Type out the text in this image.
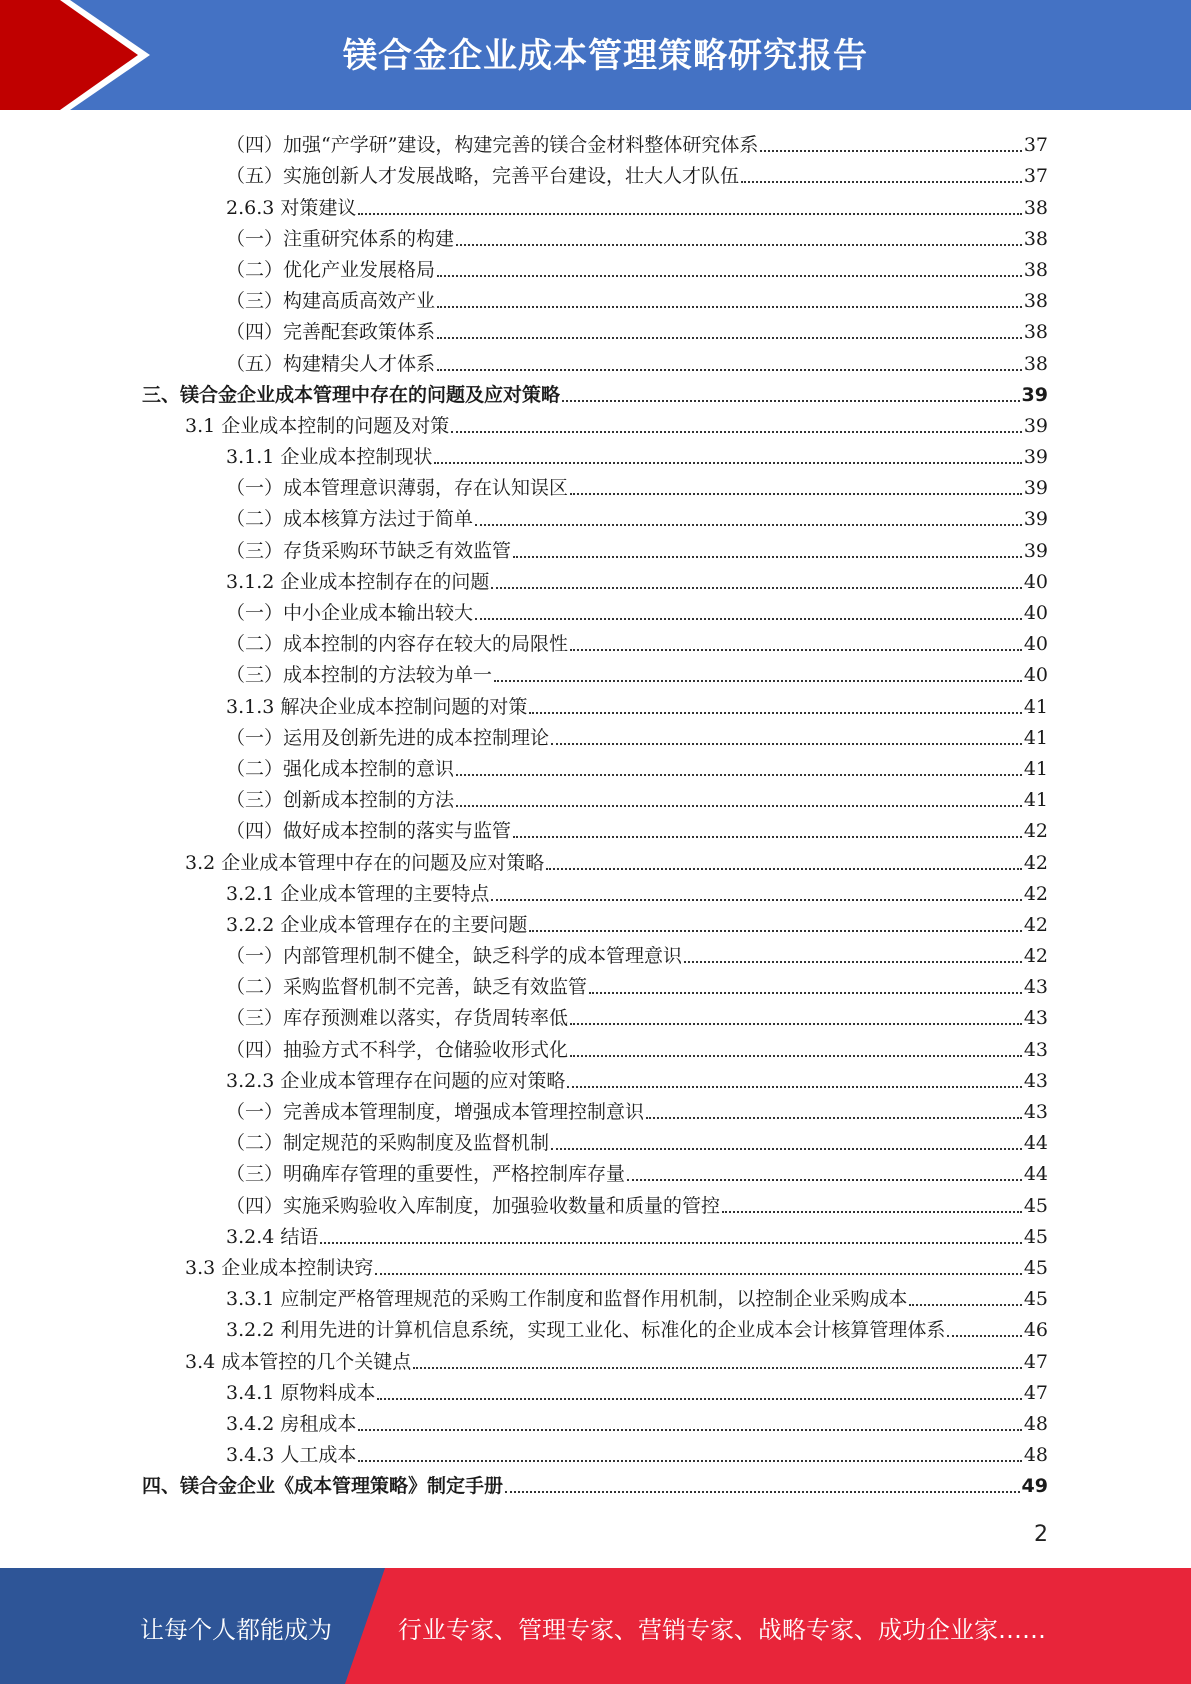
镁合金企业成本管理策略研究报告
（四）加强“产学研”建设，构建完善的镁合金材料整体研究体系	37
（五）实施创新人才发展战略，完善平台建设，壮大人才队伍	37
2.6.3 对策建议	38
（一）注重研究体系的构建	38
（二）优化产业发展格局	38
（三）构建高质高效产业	38
（四）完善配套政策体系	38
（五）构建精尖人才体系	38
三、镁合金企业成本管理中存在的问题及应对策略	39
3.1 企业成本控制的问题及对策	39
3.1.1 企业成本控制现状	39
（一）成本管理意识薄弱，存在认知误区	39
（二）成本核算方法过于简单	39
（三）存货采购环节缺乏有效监管	39
3.1.2 企业成本控制存在的问题	40
（一）中小企业成本输出较大	40
（二）成本控制的内容存在较大的局限性	40
（三）成本控制的方法较为单一	40
3.1.3 解决企业成本控制问题的对策	41
（一）运用及创新先进的成本控制理论	41
（二）强化成本控制的意识	41
（三）创新成本控制的方法	41
（四）做好成本控制的落实与监管	42
3.2 企业成本管理中存在的问题及应对策略	42
3.2.1 企业成本管理的主要特点	42
3.2.2 企业成本管理存在的主要问题	42
（一）内部管理机制不健全，缺乏科学的成本管理意识	42
（二）采购监督机制不完善，缺乏有效监管	43
（三）库存预测难以落实，存货周转率低	43
（四）抽验方式不科学，仓储验收形式化	43
3.2.3 企业成本管理存在问题的应对策略	43
（一）完善成本管理制度，增强成本管理控制意识	43
（二）制定规范的采购制度及监督机制	44
（三）明确库存管理的重要性，严格控制库存量	44
（四）实施采购验收入库制度，加强验收数量和质量的管控	45
3.2.4 结语	45
3.3 企业成本控制诀窍	45
3.3.1 应制定严格管理规范的采购工作制度和监督作用机制，以控制企业采购成本	45
3.2.2 利用先进的计算机信息系统，实现工业化、标准化的企业成本会计核算管理体系	46
3.4 成本管控的几个关键点	47
3.4.1 原物料成本	47
3.4.2 房租成本	48
3.4.3 人工成本	48
四、镁合金企业《成本管理策略》制定手册	49
2
让每个人都能成为	行业专家、管理专家、营销专家、战略专家、成功企业家……
